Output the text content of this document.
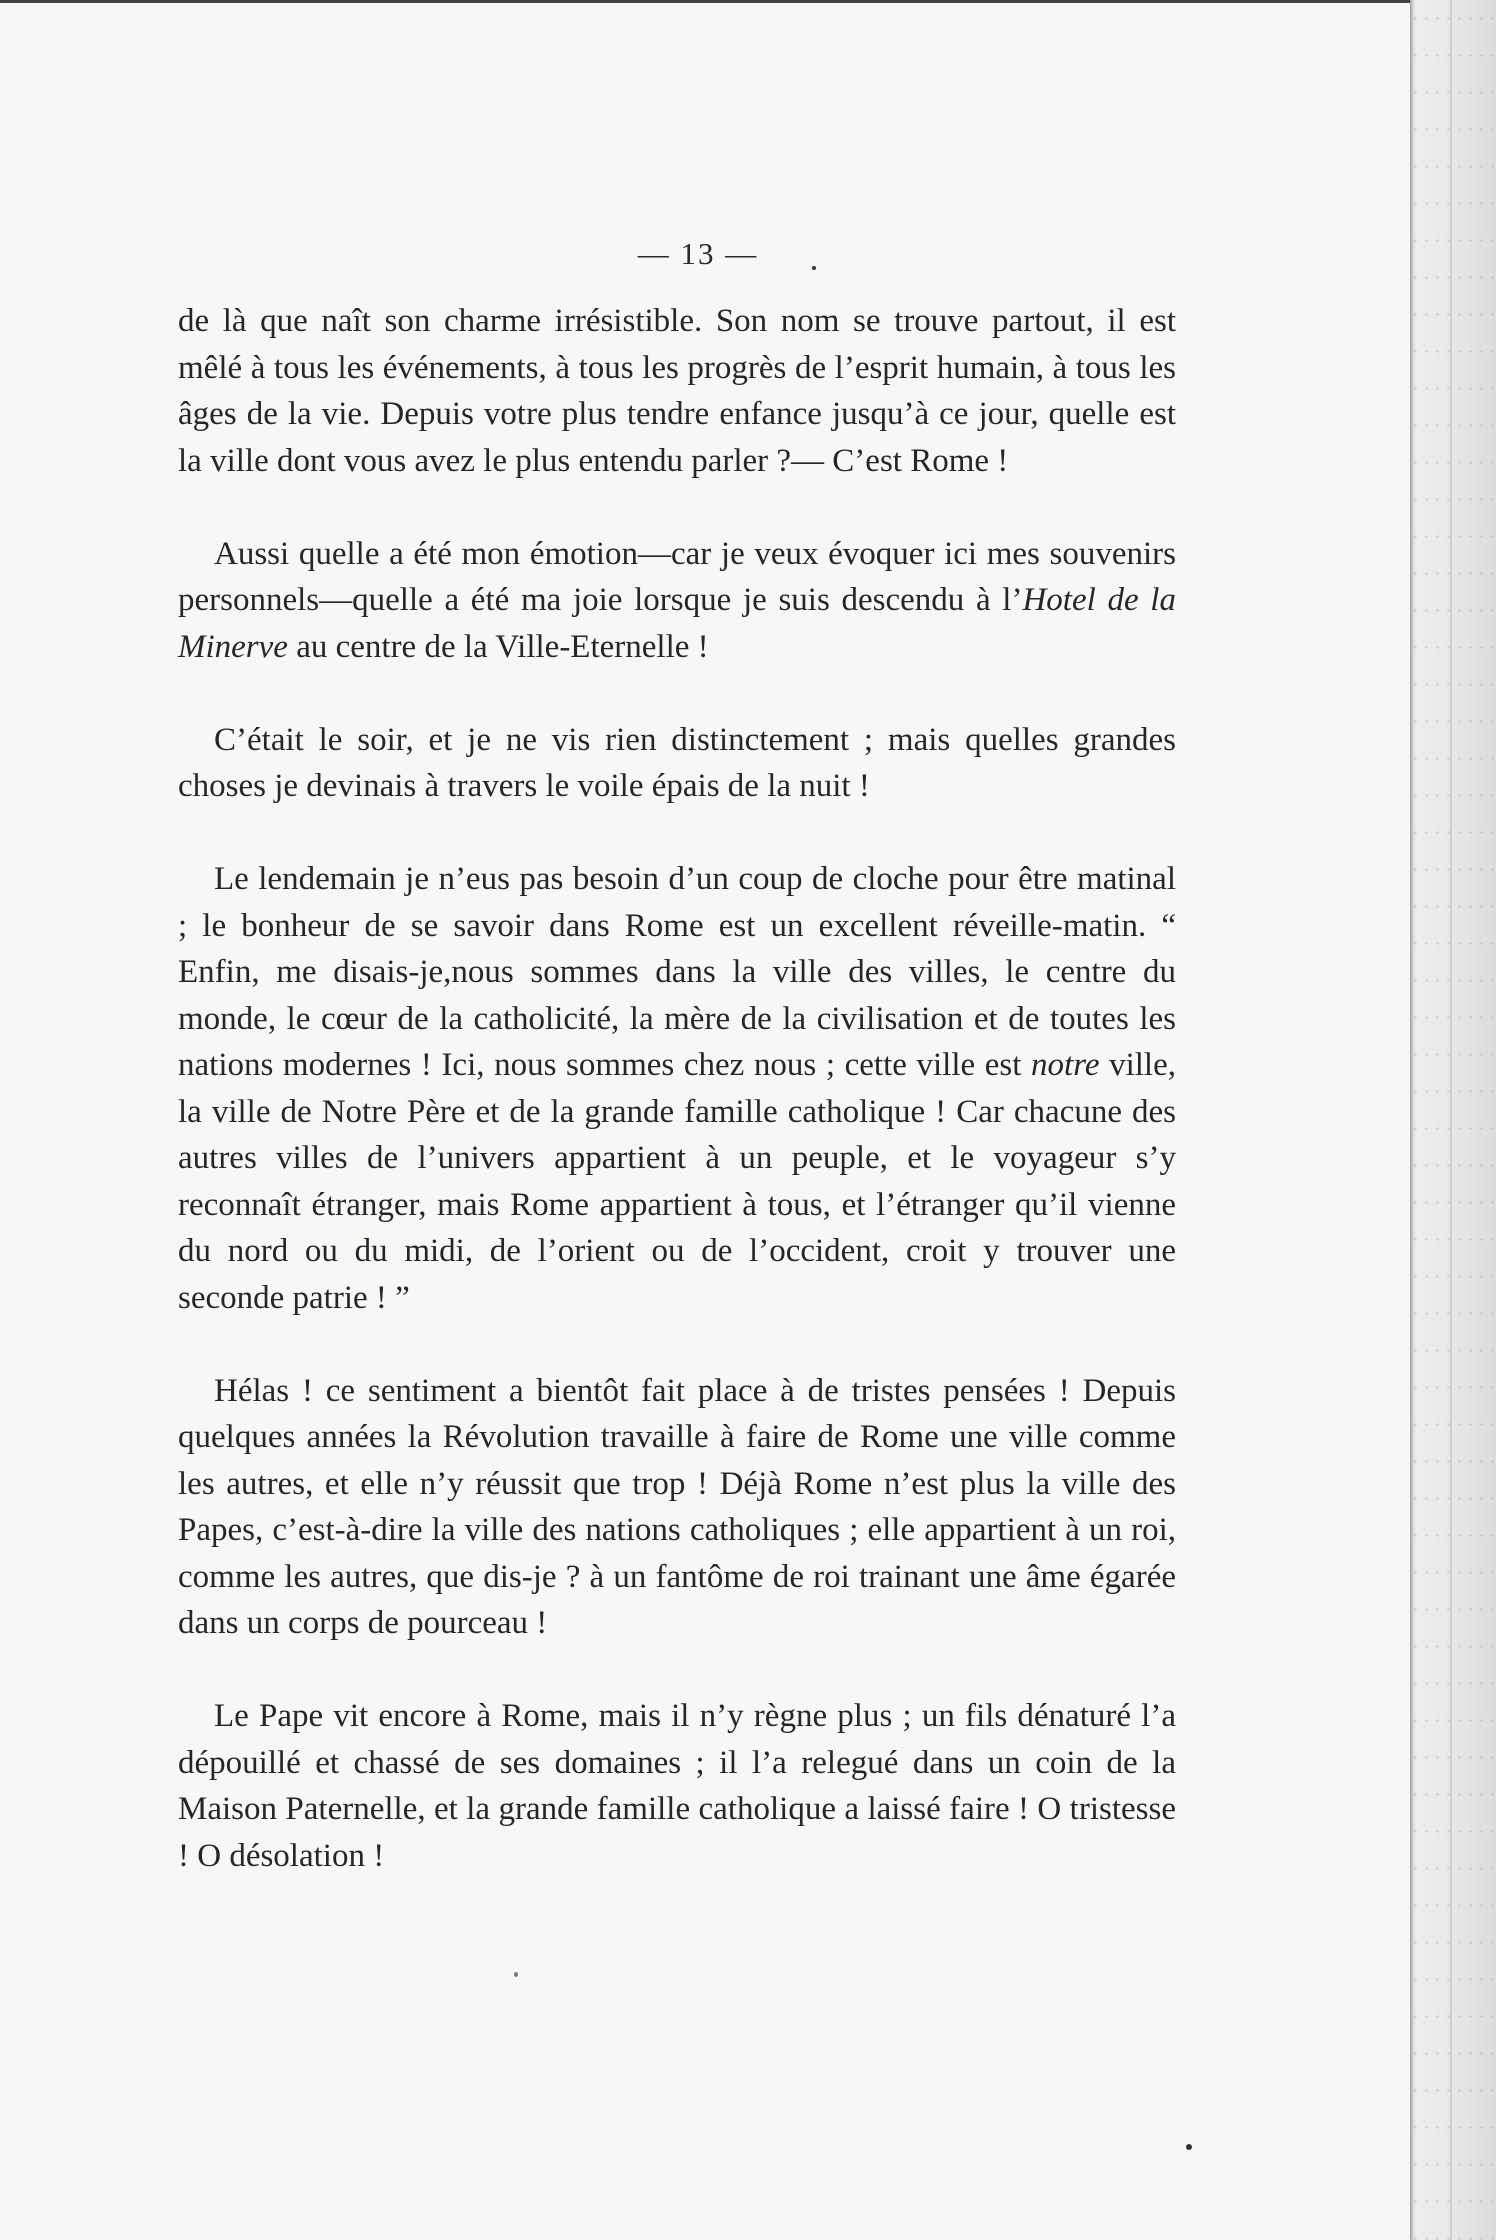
— 13 —

de là que naît son charme irrésistible. Son nom se trouve partout, il est mêlé à tous les événements, à tous les progrès de l’esprit humain, à tous les âges de la vie. Depuis votre plus tendre enfance jusqu’à ce jour, quelle est la ville dont vous avez le plus entendu parler ?— C’est Rome !

Aussi quelle a été mon émotion—car je veux évoquer ici mes souvenirs personnels—quelle a été ma joie lorsque je suis descendu à l’Hotel de la Minerve au centre de la Ville-Eternelle !

C’était le soir, et je ne vis rien distinctement ; mais quelles grandes choses je devinais à travers le voile épais de la nuit !

Le lendemain je n’eus pas besoin d’un coup de cloche pour être matinal ; le bonheur de se savoir dans Rome est un excellent réveille-matin. “ Enfin, me disais-je,nous sommes dans la ville des villes, le centre du monde, le cœur de la catholicité, la mère de la civilisation et de toutes les nations modernes ! Ici, nous sommes chez nous ; cette ville est notre ville, la ville de Notre Père et de la grande famille catholique ! Car chacune des autres villes de l’univers appartient à un peuple, et le voyageur s’y reconnaît étranger, mais Rome appartient à tous, et l’étranger qu’il vienne du nord ou du midi, de l’orient ou de l’occident, croit y trouver une seconde patrie ! ”

Hélas ! ce sentiment a bientôt fait place à de tristes pensées ! Depuis quelques années la Révolution travaille à faire de Rome une ville comme les autres, et elle n’y réussit que trop ! Déjà Rome n’est plus la ville des Papes, c’est-à-dire la ville des nations catholiques ; elle appartient à un roi, comme les autres, que dis-je ? à un fantôme de roi trainant une âme égarée dans un corps de pourceau !

Le Pape vit encore à Rome, mais il n’y règne plus ; un fils dénaturé l’a dépouillé et chassé de ses domaines ; il l’a relegué dans un coin de la Maison Paternelle, et la grande famille catholique a laissé faire ! O tristesse ! O désolation !
